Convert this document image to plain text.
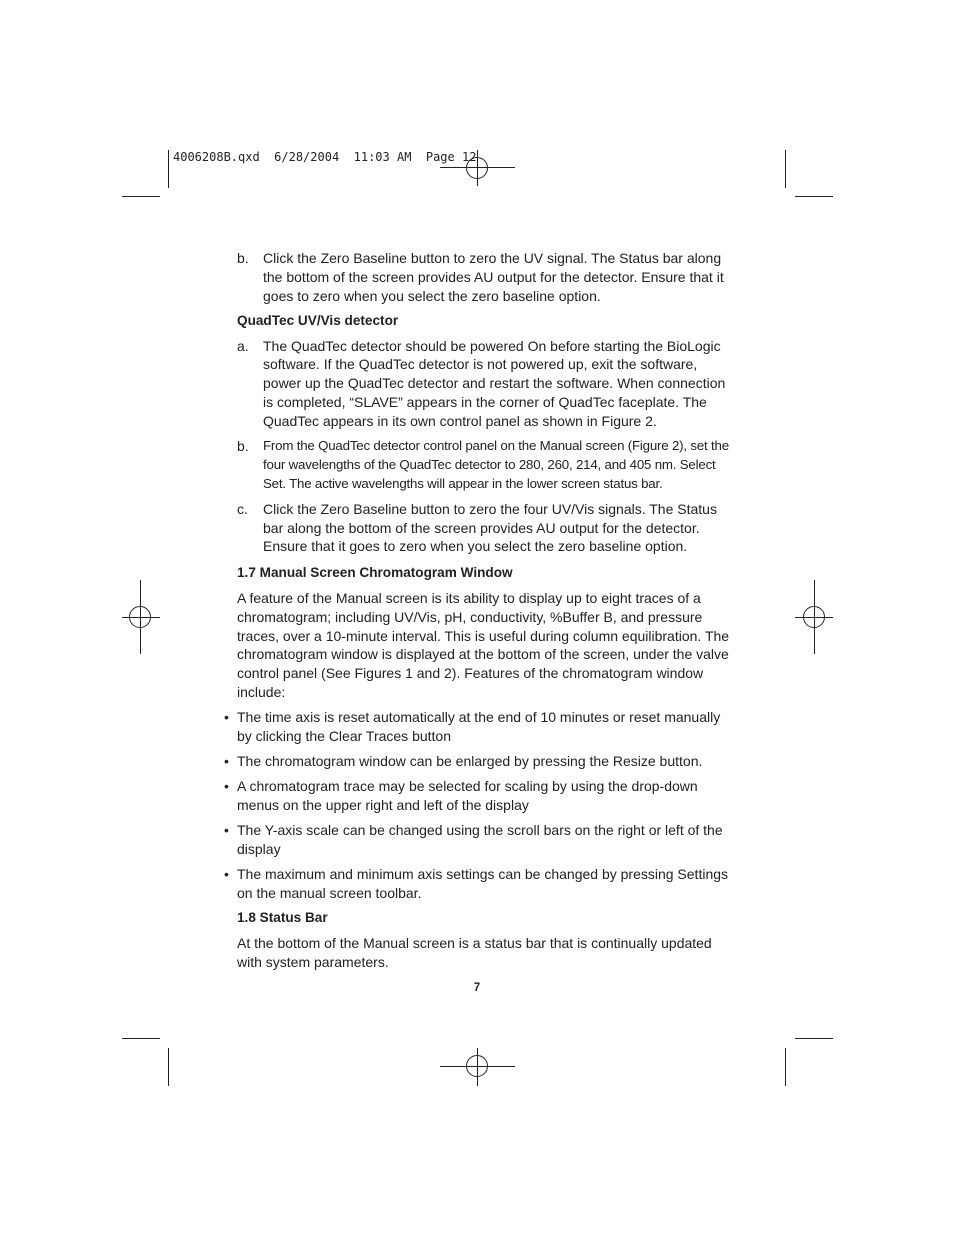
4006208B.qxd  6/28/2004  11:03 AM  Page 12
b.	Click the Zero Baseline button to zero the UV signal. The Status bar along the bottom of the screen provides AU output for the detector. Ensure that it goes to zero when you select the zero baseline option.
QuadTec UV/Vis detector
a.	The QuadTec detector should be powered On before starting the BioLogic software. If the QuadTec detector is not powered up, exit the software, power up the QuadTec detector and restart the software. When connection is completed, “SLAVE” appears in the corner of QuadTec faceplate. The QuadTec appears in its own control panel as shown in Figure 2.
b.	From the QuadTec detector control panel on the Manual screen (Figure 2), set the four wavelengths of the QuadTec detector to 280, 260, 214, and 405 nm. Select Set. The active wavelengths will appear in the lower screen status bar.
c.	Click the Zero Baseline button to zero the four UV/Vis signals. The Status bar along the bottom of the screen provides AU output for the detector. Ensure that it goes to zero when you select the zero baseline option.
1.7 Manual Screen Chromatogram Window
A feature of the Manual screen is its ability to display up to eight traces of a chromatogram; including UV/Vis, pH, conductivity, %Buffer B, and pressure traces, over a 10-minute interval. This is useful during column equilibration. The chromatogram window is displayed at the bottom of the screen, under the valve control panel (See Figures 1 and 2). Features of the chromatogram window include:
• The time axis is reset automatically at the end of 10 minutes or reset manually by clicking the Clear Traces button
• The chromatogram window can be enlarged by pressing the Resize button.
• A chromatogram trace may be selected for scaling by using the drop-down menus on the upper right and left of the display
• The Y-axis scale can be changed using the scroll bars on the right or left of the display
• The maximum and minimum axis settings can be changed by pressing Settings on the manual screen toolbar.
1.8 Status Bar
At the bottom of the Manual screen is a status bar that is continually updated with system parameters.
7
